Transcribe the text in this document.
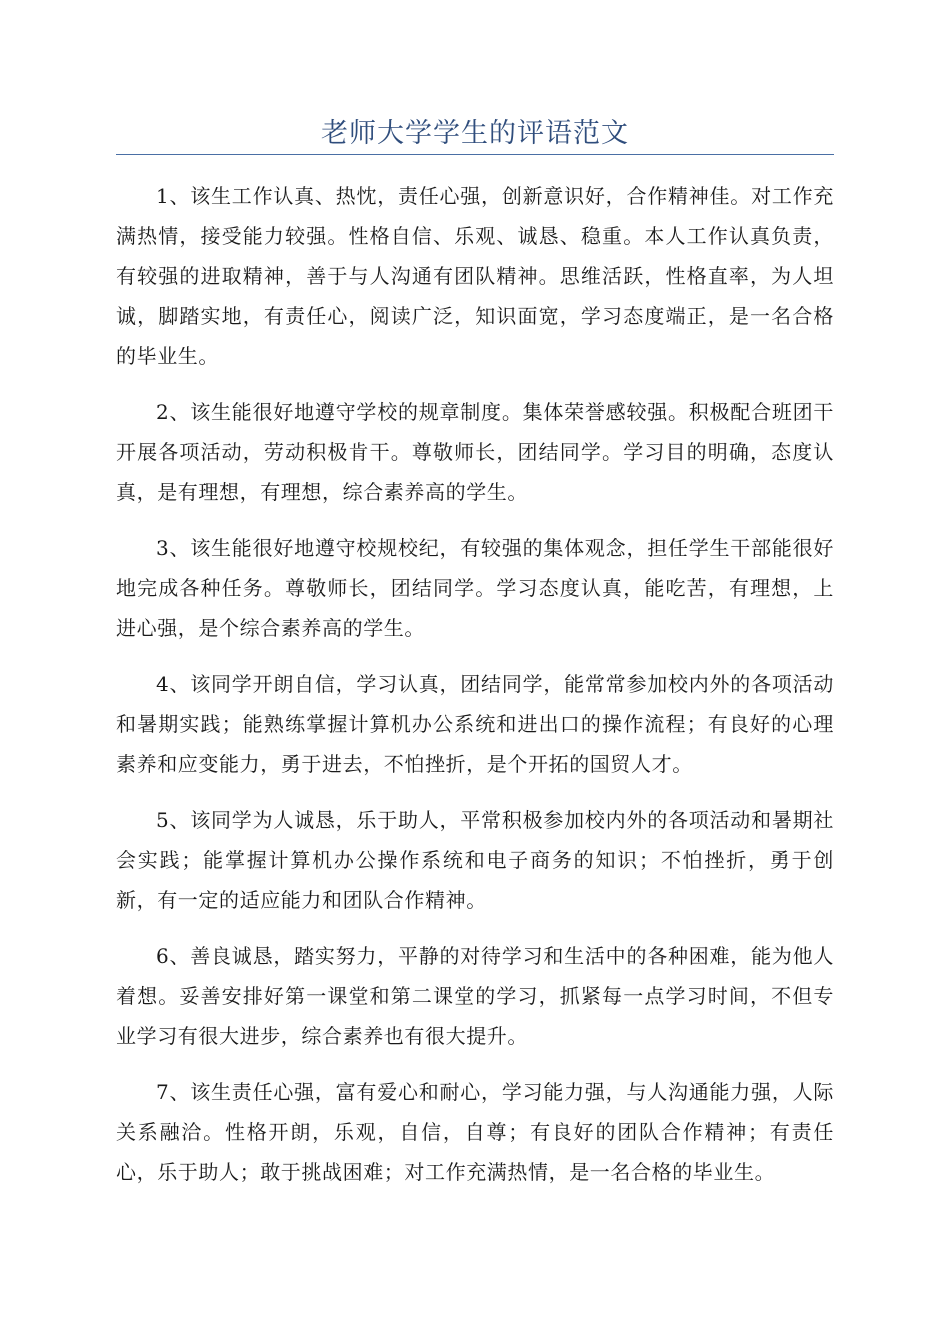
老师大学学生的评语范文

1、该生工作认真、热忱，责任心强，创新意识好，合作精神佳。对工作充满热情，接受能力较强。性格自信、乐观、诚恳、稳重。本人工作认真负责，有较强的进取精神，善于与人沟通有团队精神。思维活跃，性格直率，为人坦诚，脚踏实地，有责任心，阅读广泛，知识面宽，学习态度端正，是一名合格的毕业生。

2、该生能很好地遵守学校的规章制度。集体荣誉感较强。积极配合班团干开展各项活动，劳动积极肯干。尊敬师长，团结同学。学习目的明确，态度认真，是有理想，有理想，综合素养高的学生。

3、该生能很好地遵守校规校纪，有较强的集体观念，担任学生干部能很好地完成各种任务。尊敬师长，团结同学。学习态度认真，能吃苦，有理想，上进心强，是个综合素养高的学生。

4、该同学开朗自信，学习认真，团结同学，能常常参加校内外的各项活动和暑期实践；能熟练掌握计算机办公系统和进出口的操作流程；有良好的心理素养和应变能力，勇于进去，不怕挫折，是个开拓的国贸人才。

5、该同学为人诚恳，乐于助人，平常积极参加校内外的各项活动和暑期社会实践；能掌握计算机办公操作系统和电子商务的知识；不怕挫折，勇于创新，有一定的适应能力和团队合作精神。

6、善良诚恳，踏实努力，平静的对待学习和生活中的各种困难，能为他人着想。妥善安排好第一课堂和第二课堂的学习，抓紧每一点学习时间，不但专业学习有很大进步，综合素养也有很大提升。

7、该生责任心强，富有爱心和耐心，学习能力强，与人沟通能力强，人际关系融洽。性格开朗，乐观，自信，自尊；有良好的团队合作精神；有责任心，乐于助人；敢于挑战困难；对工作充满热情，是一名合格的毕业生。
